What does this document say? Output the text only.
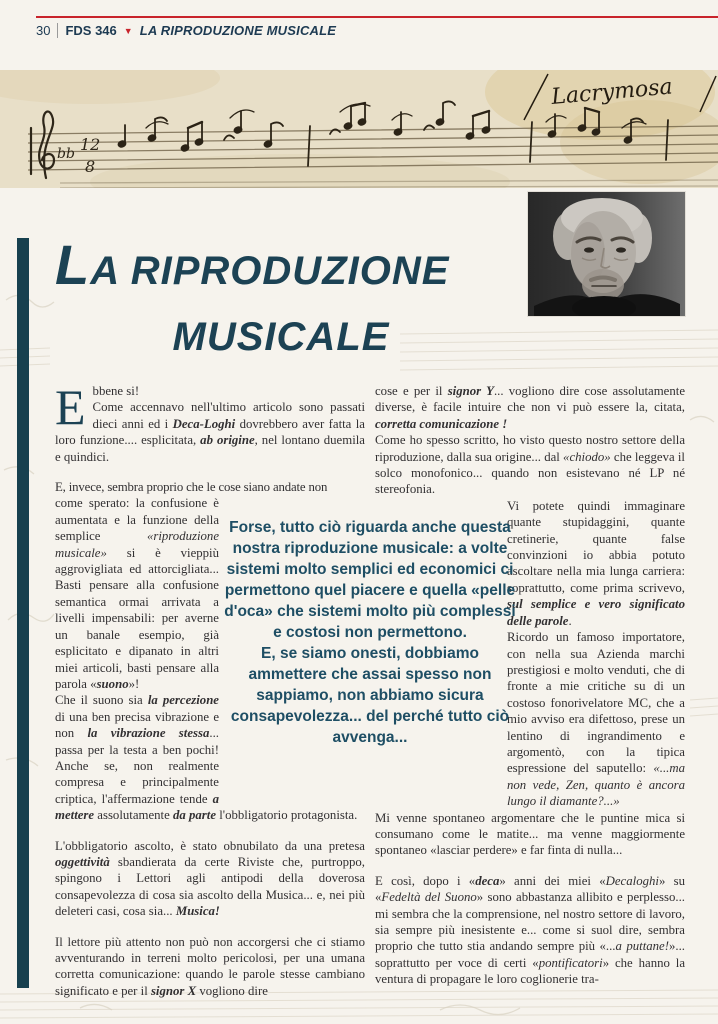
30 FDS 346 ▼ LA RIPRODUZIONE MUSICALE
bb 12
8
Lacrymosa
LA RIPRODUZIONE
MUSICALE

Ebbene si!
Come accennavo nell'ultimo articolo sono passati dieci anni ed i Deca-Loghi dovrebbero aver fatta la loro funzione.... esplicitata, ab origine, nel lontano duemila e quindici.

E, invece, sembra proprio che le cose siano andate non

come sperato: la confusione è aumentata e la funzione della semplice «riproduzione musicale» si è vieppiù aggrovigliata ed attorcigliata... Basti pensare alla confusione semantica ormai arrivata a livelli impensabili: per averne un banale esempio, già esplicitato e dipanato in altri miei articoli, basti pensare alla parola «suono»!
Che il suono sia la percezione di una ben precisa vibrazione e non la vibrazione stessa... passa per la testa a ben pochi! Anche se, non realmente compresa e principalmente criptica, l'affermazione tende a mettere assolutamente da parte l'obbligatorio protagonista.

L'obbligatorio ascolto, è stato obnubilato da una pretesa oggettività sbandierata da certe Riviste che, purtroppo, spingono i Lettori agli antipodi della doverosa consapevolezza di cosa sia ascolto della Musica... e, nei più deleteri casi, cosa sia... Musica!

Il lettore più attento non può non accorgersi che ci stiamo avventurando in terreni molto pericolosi, per una umana corretta comunicazione: quando le parole stesse cambiano significato e per il signor X vogliono dire

cose e per il signor Y... vogliono dire cose assolutamente diverse, è facile intuire che non vi può essere la, citata, corretta comunicazione !
Come ho spesso scritto, ho visto questo nostro settore della riproduzione, dalla sua origine... dal «chiodo» che leggeva il solco monofonico... quando non esistevano né LP né stereofonia.

Vi potete quindi immaginare quante stupidaggini, quante cretinerie, quante false convinzioni io abbia potuto ascoltare nella mia lunga carriera: soprattutto, come prima scrivevo, sul semplice e vero significato delle parole.
Ricordo un famoso importatore, con nella sua Azienda marchi prestigiosi e molto venduti, che di fronte a mie critiche su di un costoso fonorivelatore MC, che a mio avviso era difettoso, prese un lentino di ingrandimento e argomentò, con la tipica espressione del saputello: «...ma non vede, Zen, quanto è ancora lungo il diamante?...»

Mi venne spontaneo argomentare che le puntine mica si consumano come le matite... ma venne maggiormente spontaneo «lasciar perdere» e far finta di nulla...

E così, dopo i «deca» anni dei miei «Decaloghi» su «Fedeltà del Suono» sono abbastanza allibito e perplesso... mi sembra che la comprensione, nel nostro settore di lavoro, sia sempre più inesistente e... come si suol dire, sembra proprio che tutto stia andando sempre più «...a puttane!»... soprattutto per voce di certi «pontificatori» che hanno la ventura di propagare le loro coglionerie tra-

Forse, tutto ciò riguarda anche questa nostra riproduzione musicale: a volte sistemi molto semplici ed economici ci permettono quel piacere e quella «pelle d'oca» che sistemi molto più complessi e costosi non permettono.

E, se siamo onesti, dobbiamo ammettere che assai spesso non sappiamo, non abbiamo sicura consapevolezza... del perché tutto ciò avvenga...
